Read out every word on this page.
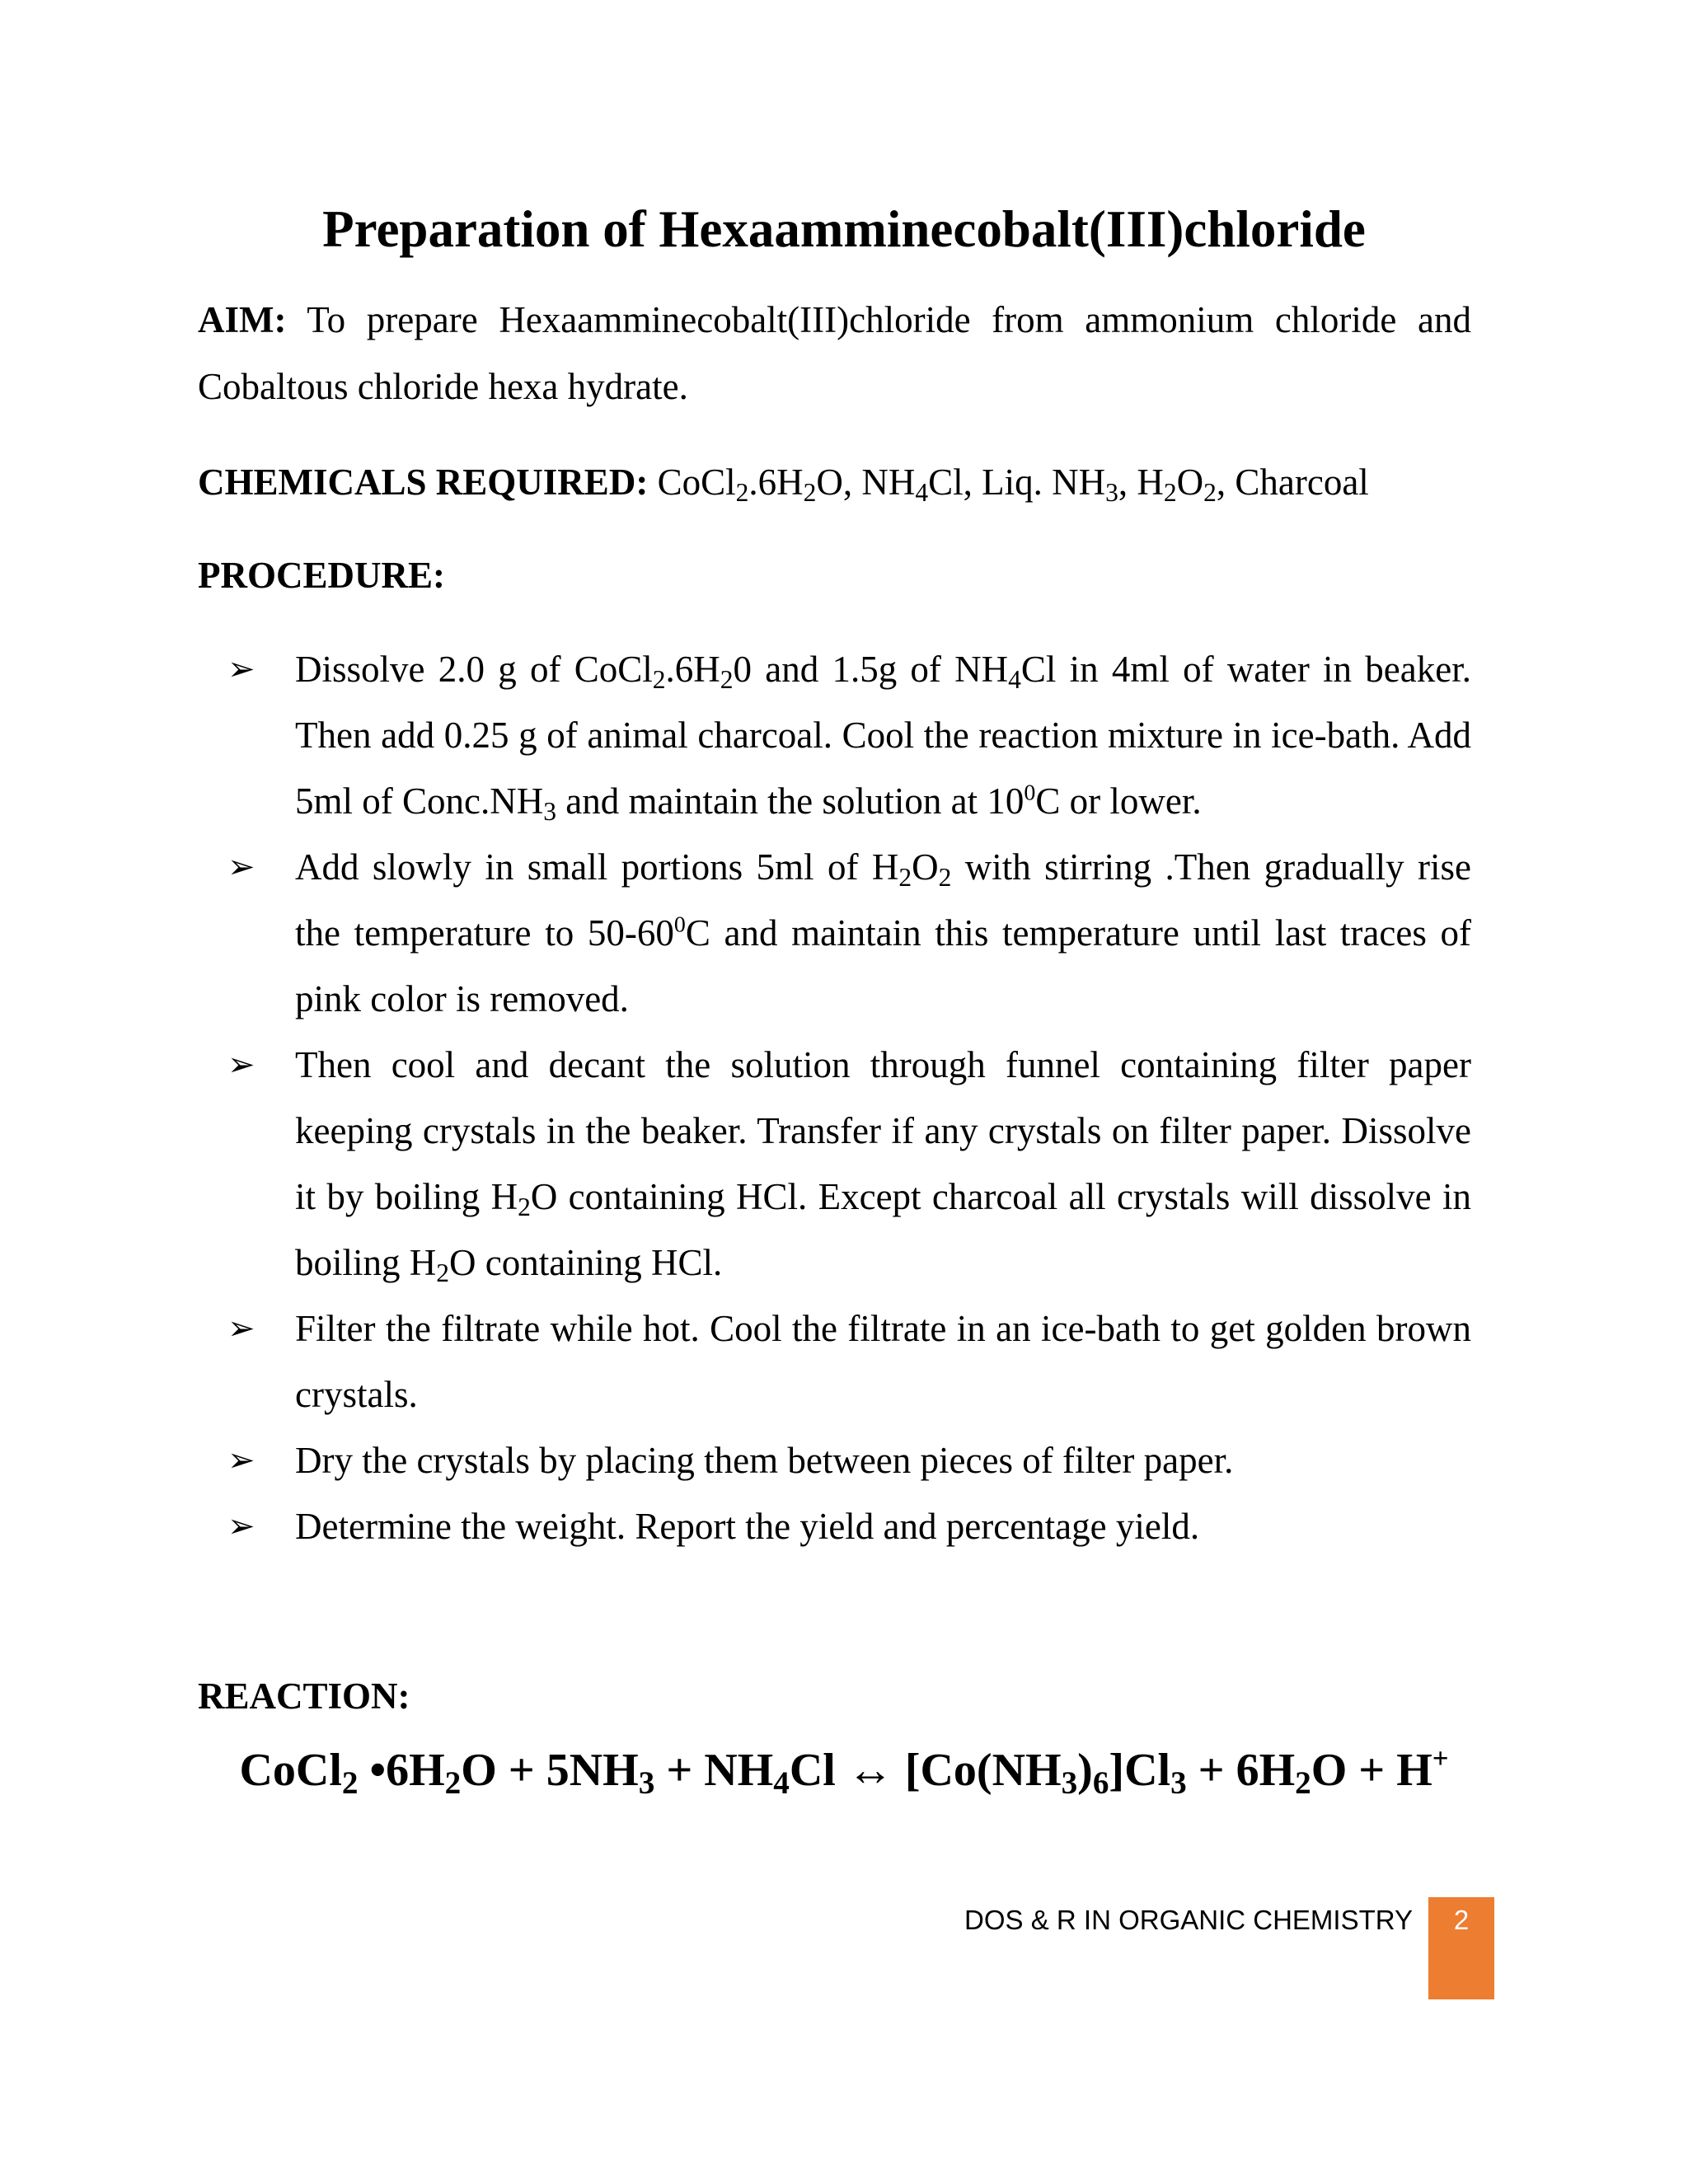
Preparation of Hexaamminecobalt(III)chloride
AIM: To prepare Hexaamminecobalt(III)chloride from ammonium chloride and Cobaltous chloride hexa hydrate.
CHEMICALS REQUIRED: $CoCl_2.6H_2O$, $NH_4Cl$, Liq. $NH_3$, $H_2O_2$, Charcoal
PROCEDURE:
➢ Dissolve 2.0 g of $CoCl_2.6H_20$ and 1.5g of $NH_4Cl$ in 4ml of water in beaker. Then add 0.25 g of animal charcoal. Cool the reaction mixture in ice-bath. Add 5ml of $Conc.NH_3$ and maintain the solution at $10^0C$ or lower.
➢ Add slowly in small portions 5ml of $H_2O_2$ with stirring .Then gradually rise the temperature to $50-60^0C$ and maintain this temperature until last traces of pink color is removed.
➢ Then cool and decant the solution through funnel containing filter paper keeping crystals in the beaker. Transfer if any crystals on filter paper. Dissolve it by boiling $H_2O$ containing HCl. Except charcoal all crystals will dissolve in boiling $H_2O$ containing HCl.
➢ Filter the filtrate while hot. Cool the filtrate in an ice-bath to get golden brown crystals.
➢ Dry the crystals by placing them between pieces of filter paper.
➢ Determine the weight. Report the yield and percentage yield.
REACTION:
CoCl$_2$ $•6H_2O + 5NH_3 + NH_4Cl$ ↔ $[Co(NH_3)_6]Cl_3 + 6H_2O + H^+$
DOS & R IN ORGANIC CHEMISTRY	2
